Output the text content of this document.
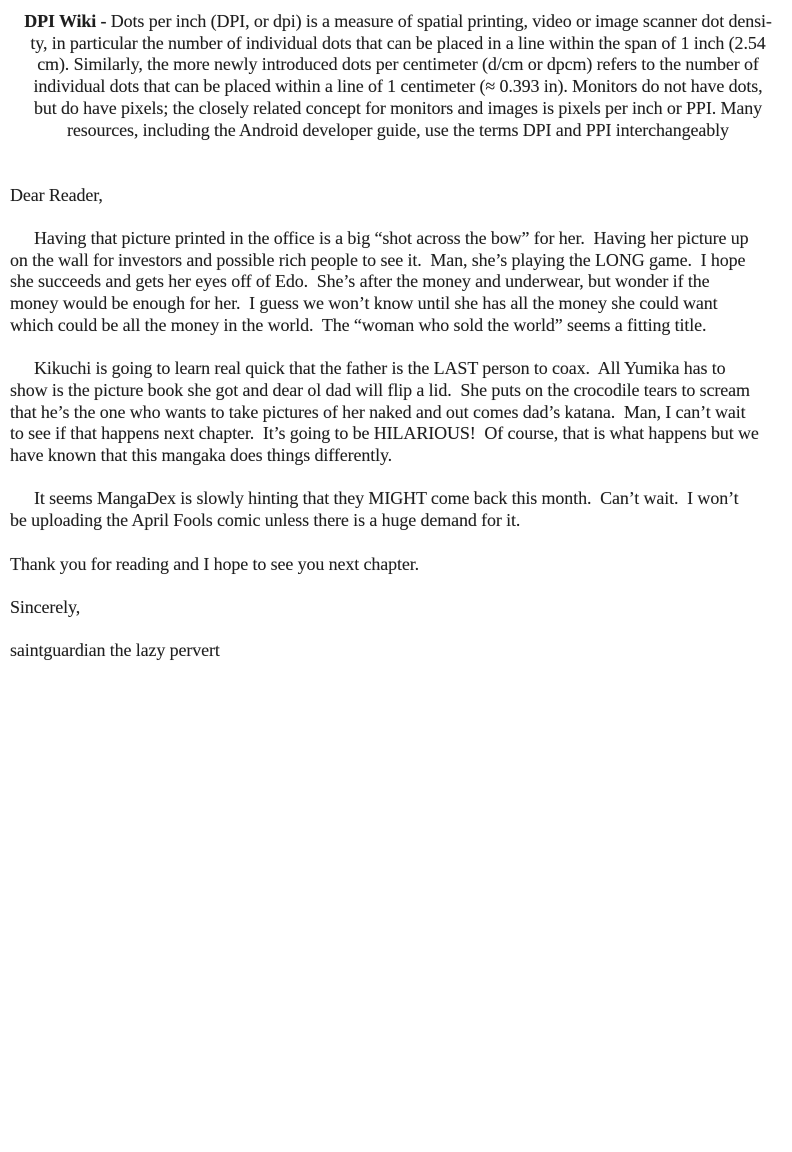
DPI Wiki - Dots per inch (DPI, or dpi) is a measure of spatial printing, video or image scanner dot densi-
ty, in particular the number of individual dots that can be placed in a line within the span of 1 inch (2.54
cm). Similarly, the more newly introduced dots per centimeter (d/cm or dpcm) refers to the number of
individual dots that can be placed within a line of 1 centimeter (≈ 0.393 in). Monitors do not have dots,
but do have pixels; the closely related concept for monitors and images is pixels per inch or PPI. Many
resources, including the Android developer guide, use the terms DPI and PPI interchangeably
Dear Reader,
Having that picture printed in the office is a big “shot across the bow” for her.  Having her picture up
on the wall for investors and possible rich people to see it.  Man, she’s playing the LONG game.  I hope
she succeeds and gets her eyes off of Edo.  She’s after the money and underwear, but wonder if the
money would be enough for her.  I guess we won’t know until she has all the money she could want
which could be all the money in the world.  The “woman who sold the world” seems a fitting title.
Kikuchi is going to learn real quick that the father is the LAST person to coax.  All Yumika has to
show is the picture book she got and dear ol dad will flip a lid.  She puts on the crocodile tears to scream
that he’s the one who wants to take pictures of her naked and out comes dad’s katana.  Man, I can’t wait
to see if that happens next chapter.  It’s going to be HILARIOUS!  Of course, that is what happens but we
have known that this mangaka does things differently.
It seems MangaDex is slowly hinting that they MIGHT come back this month.  Can’t wait.  I won’t
be uploading the April Fools comic unless there is a huge demand for it.
Thank you for reading and I hope to see you next chapter.
Sincerely,
saintguardian the lazy pervert
